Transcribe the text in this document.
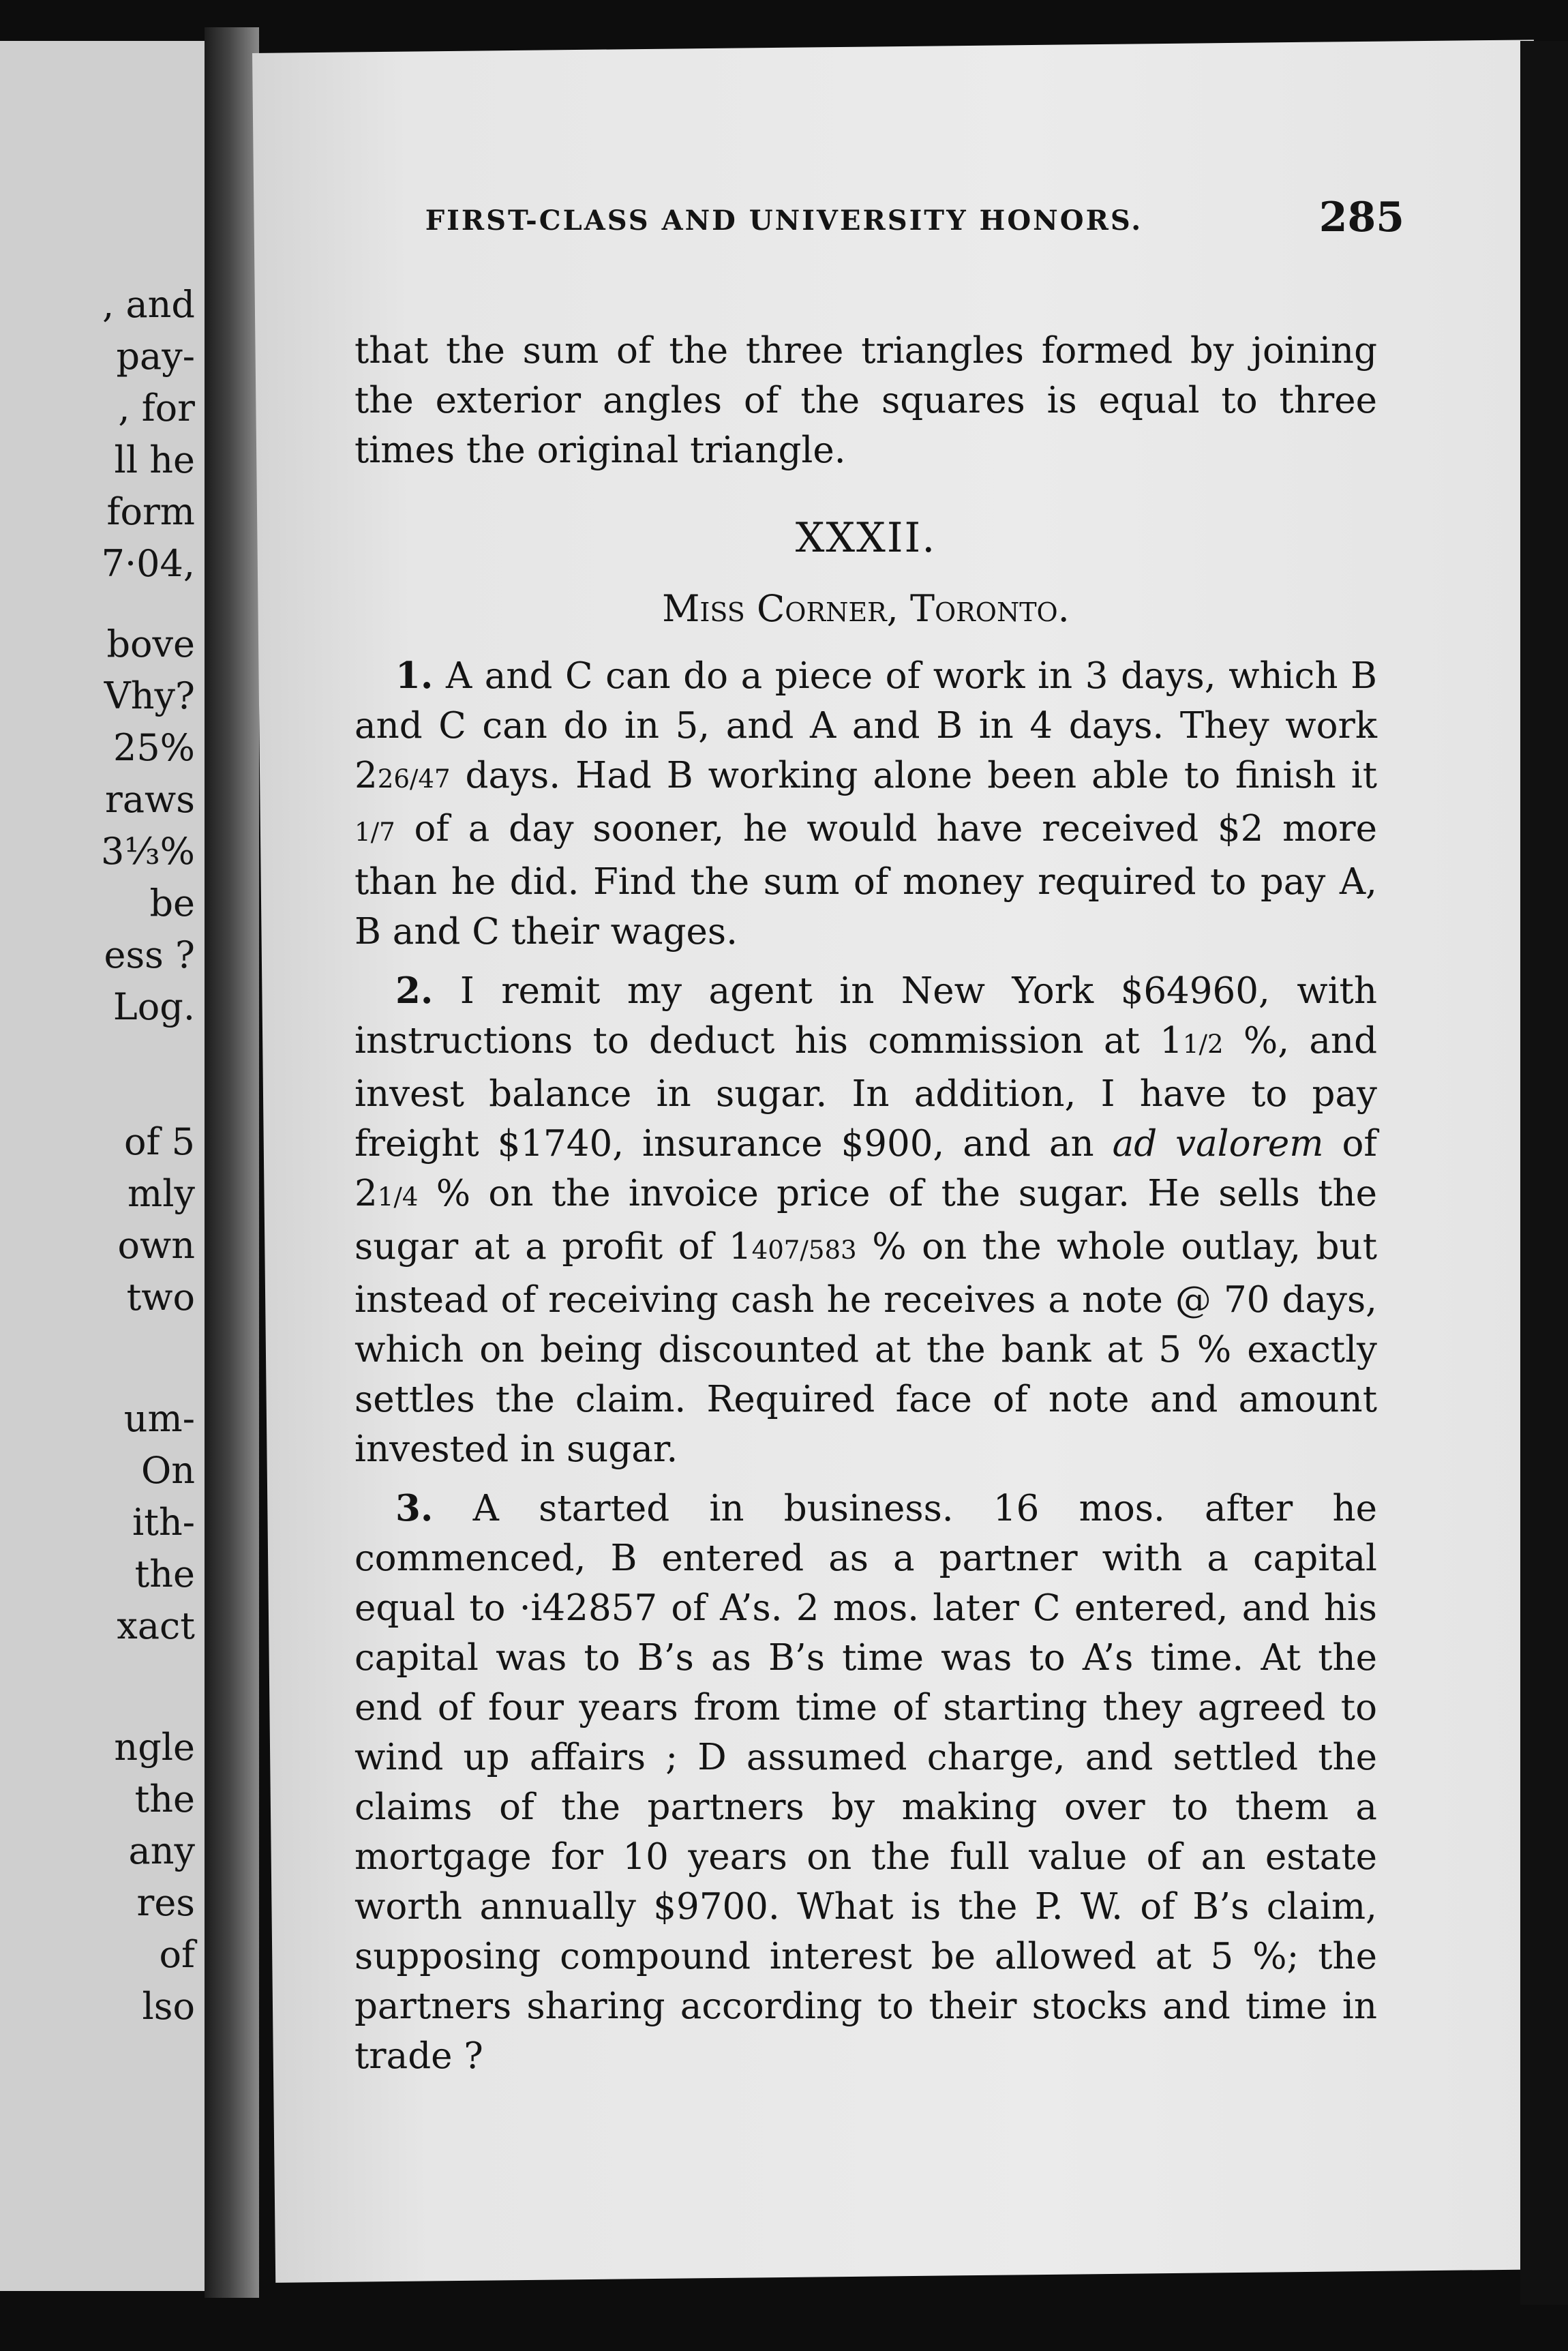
, and
pay-
, for
ll he
form
7·04,
bove
Vhy?
25%
raws
3⅓%
be
ess ?
Log.
of 5
mly
own
two
um-
On
ith-
the
xact
ngle
the
any
res
of
lso
FIRST-CLASS AND UNIVERSITY HONORS.	285

that the sum of the three triangles formed by joining the exterior angles of the squares is equal to three times the original triangle.

XXXII.
Miss Corner, Toronto.

1. A and C can do a piece of work in 3 days, which B and C can do in 5, and A and B in 4 days. They work 226/47 days. Had B working alone been able to finish it 1/7 of a day sooner, he would have received $2 more than he did. Find the sum of money required to pay A, B and C their wages.

2. I remit my agent in New York $64960, with instructions to deduct his commission at 11/2 %, and invest balance in sugar. In addition, I have to pay freight $1740, insurance $900, and an ad valorem of 21/4 % on the invoice price of the sugar. He sells the sugar at a profit of 1407/583 % on the whole outlay, but instead of receiving cash he receives a note @ 70 days, which on being discounted at the bank at 5 % exactly settles the claim. Required face of note and amount invested in sugar.

3. A started in business. 16 mos. after he commenced, B entered as a partner with a capital equal to ·i42857 of A’s. 2 mos. later C entered, and his capital was to B’s as B’s time was to A’s time. At the end of four years from time of starting they agreed to wind up affairs ; D assumed charge, and settled the claims of the partners by making over to them a mortgage for 10 years on the full value of an estate worth annually $9700. What is the P. W. of B’s claim, supposing compound interest be allowed at 5 %; the partners sharing according to their stocks and time in trade ?
